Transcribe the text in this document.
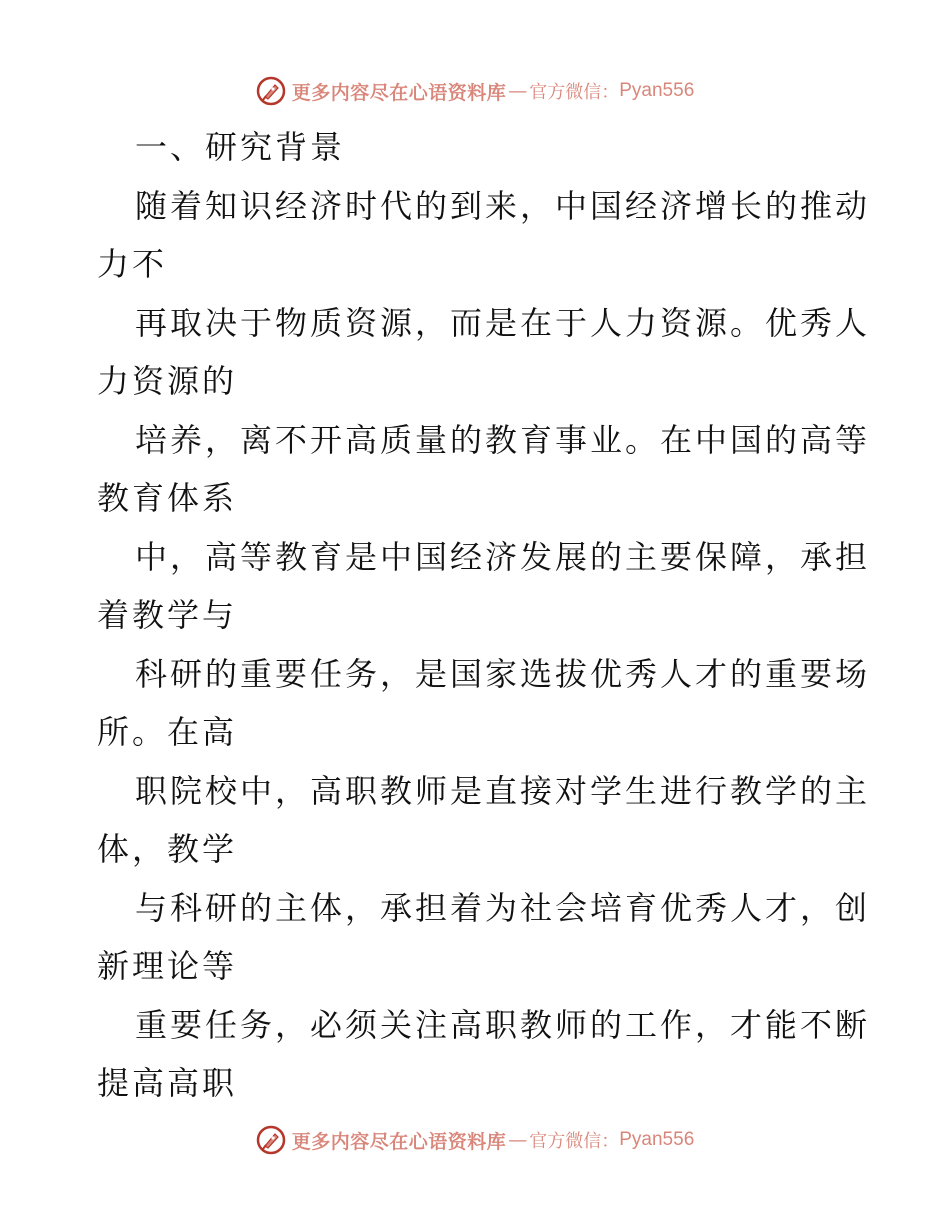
更多内容尽在心语资料库 — 官方微信： Pyan556
一、研究背景
随着知识经济时代的到来，中国经济增长的推动
力不
再取决于物质资源，而是在于人力资源。优秀人
力资源的
培养，离不开高质量的教育事业。在中国的高等
教育体系
中，高等教育是中国经济发展的主要保障，承担
着教学与
科研的重要任务，是国家选拔优秀人才的重要场
所。在高
职院校中，高职教师是直接对学生进行教学的主
体，教学
与科研的主体，承担着为社会培育优秀人才，创
新理论等
重要任务，必须关注高职教师的工作，才能不断
提高高职
更多内容尽在心语资料库 — 官方微信： Pyan556
